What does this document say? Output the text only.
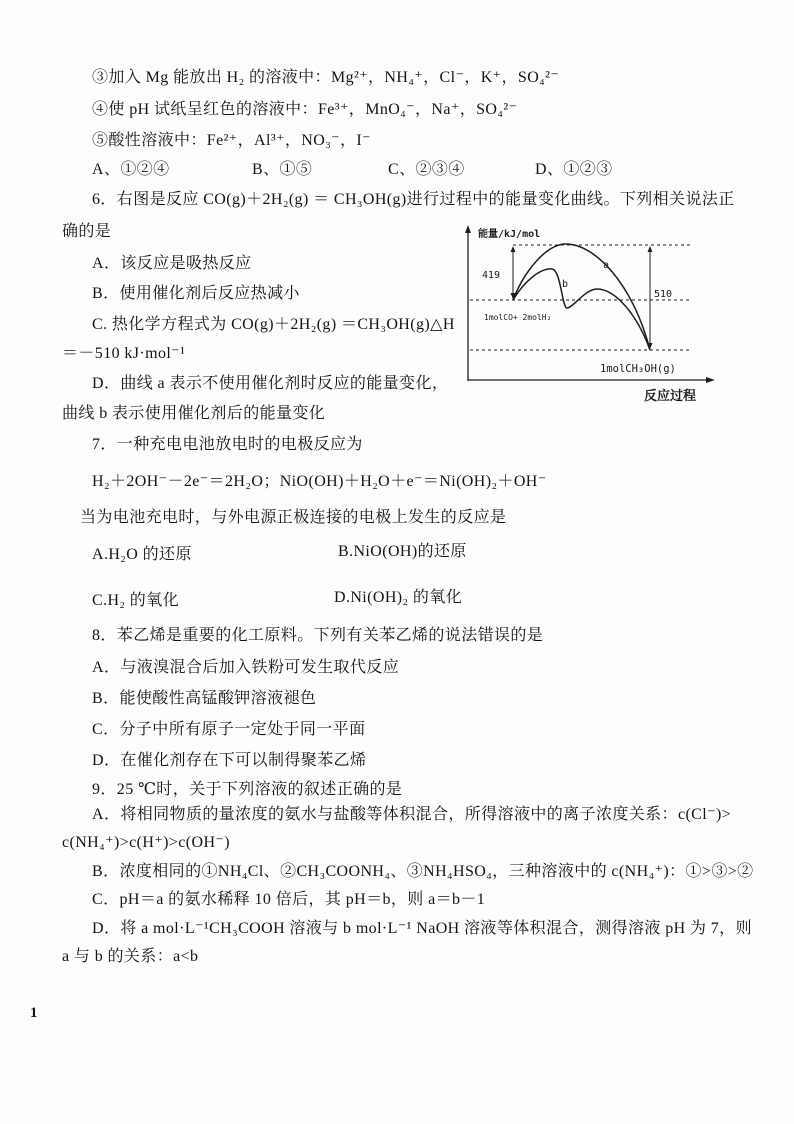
③加入 Mg 能放出 H₂ 的溶液中：Mg²⁺，NH₄⁺，Cl⁻，K⁺，SO₄²⁻
④使 pH 试纸呈红色的溶液中：Fe³⁺，MnO₄⁻，Na⁺，SO₄²⁻
⑤酸性溶液中：Fe²⁺，Al³⁺，NO₃⁻，I⁻
A、①②④	B、①⑤	C、②③④	D、①②③
6．右图是反应 CO(g)＋2H₂(g) ＝ CH₃OH(g)进行过程中的能量变化曲线。下列相关说法正
确的是
A．该反应是吸热反应
B．使用催化剂后反应热减小
C. 热化学方程式为 CO(g)＋2H₂(g) ＝CH₃OH(g)△H
＝－510 kJ·mol⁻¹
D．曲线 a 表示不使用催化剂时反应的能量变化，
曲线 b 表示使用催化剂后的能量变化
能量/kJ/mol
419
510
a
b
1molCO+ 2molH₂
1molCH₃OH(g)
反应过程
7．一种充电电池放电时的电极反应为
H₂＋2OH⁻－2e⁻＝2H₂O；NiO(OH)＋H₂O＋e⁻＝Ni(OH)₂＋OH⁻
当为电池充电时，与外电源正极连接的电极上发生的反应是
A.H₂O 的还原	B.NiO(OH)的还原
C.H₂ 的氧化	D.Ni(OH)₂ 的氧化
8．苯乙烯是重要的化工原料。下列有关苯乙烯的说法错误的是
A．与液溴混合后加入铁粉可发生取代反应
B．能使酸性高锰酸钾溶液褪色
C．分子中所有原子一定处于同一平面
D．在催化剂存在下可以制得聚苯乙烯
9．25 ℃时，关于下列溶液的叙述正确的是
A．将相同物质的量浓度的氨水与盐酸等体积混合，所得溶液中的离子浓度关系：c(Cl⁻)>
c(NH₄⁺)>c(H⁺)>c(OH⁻)
B．浓度相同的①NH₄Cl、②CH₃COONH₄、③NH₄HSO₄，三种溶液中的 c(NH₄⁺)：①>③>②
C．pH＝a 的氨水稀释 10 倍后，其 pH＝b，则 a＝b－1
D．将 a mol·L⁻¹CH₃COOH 溶液与 b mol·L⁻¹ NaOH 溶液等体积混合，测得溶液 pH 为 7，则
a 与 b 的关系：a<b
1
